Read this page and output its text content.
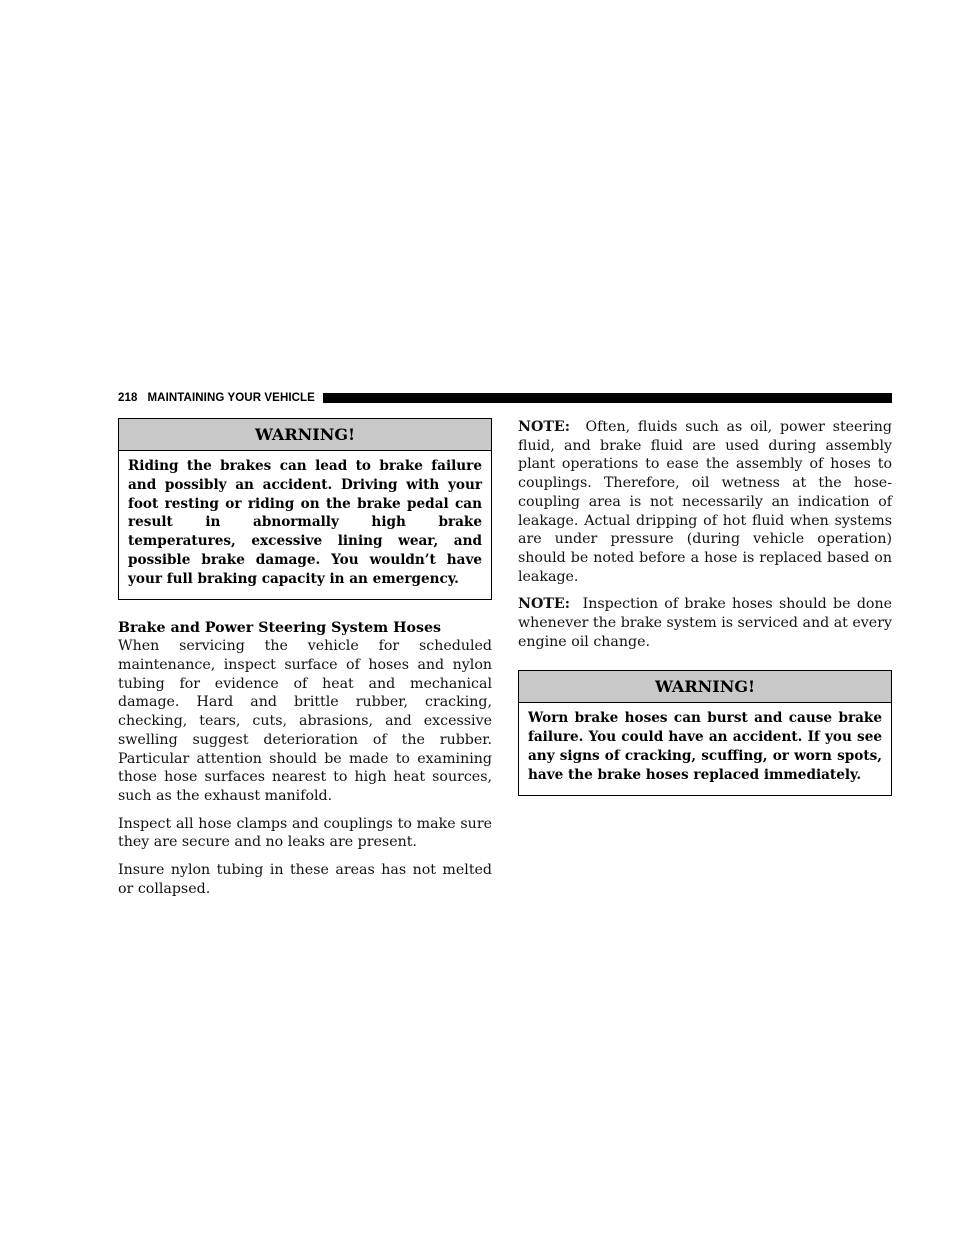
218 MAINTAINING YOUR VEHICLE
WARNING!
Riding the brakes can lead to brake failure and possibly an accident. Driving with your foot resting or riding on the brake pedal can result in abnormally high brake temperatures, excessive lining wear, and possible brake damage. You wouldn’t have your full braking capacity in an emergency.

Brake and Power Steering System Hoses

When servicing the vehicle for scheduled maintenance, inspect surface of hoses and nylon tubing for evidence of heat and mechanical damage. Hard and brittle rubber, cracking, checking, tears, cuts, abrasions, and excessive swelling suggest deterioration of the rubber. Particular attention should be made to examining those hose surfaces nearest to high heat sources, such as the exhaust manifold.

Inspect all hose clamps and couplings to make sure they are secure and no leaks are present.

Insure nylon tubing in these areas has not melted or collapsed.

NOTE: Often, fluids such as oil, power steering fluid, and brake fluid are used during assembly plant operations to ease the assembly of hoses to couplings. Therefore, oil wetness at the hose-coupling area is not necessarily an indication of leakage. Actual dripping of hot fluid when systems are under pressure (during vehicle operation) should be noted before a hose is replaced based on leakage.

NOTE: Inspection of brake hoses should be done whenever the brake system is serviced and at every engine oil change.

WARNING!
Worn brake hoses can burst and cause brake failure. You could have an accident. If you see any signs of cracking, scuffing, or worn spots, have the brake hoses replaced immediately.
